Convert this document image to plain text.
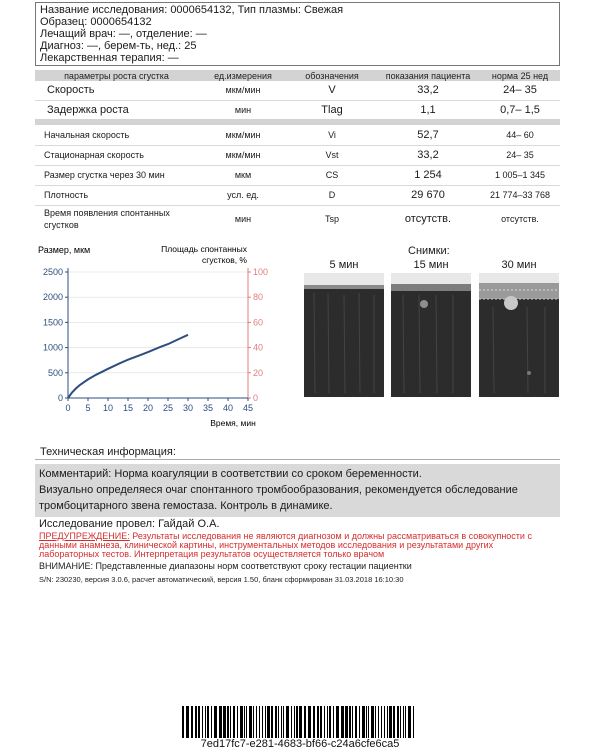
Название исследования: 0000654132, Тип плазмы: Свежая
Образец: 0000654132
Лечащий врач: —, отделение: —
Диагноз: —, берем-ть, нед.: 25
Лекарственная терапия: —
параметры роста сгустка	ед.измерения	обозначения	показания пациента	норма 25 нед
Скорость	мкм/мин	V	33,2	24– 35
Задержка роста	мин	Tlag	1,1	0,7– 1,5

Начальная скорость	мкм/мин	Vi	52,7	44– 60
Стационарная скорость	мкм/мин	Vst	33,2	24– 35
Размер сгустка через 30 мин	мкм	CS	1 254	1 005–1 345
Плотность	усл. ед.	D	29 670	21 774–33 768
Время появления спонтанных сгустков	мин	Tsp	отсутств.	отсутств.
Размер, мкм	Площадь спонтанных
сгустков, %
Время, мин
0
500
1000
1500
2000
2500
0
20
40
60
80
100
0 5 10 15 20 25 30 35 40 45
Снимки:
5 мин	15 мин	30 мин
Техническая информация:
Комментарий: Норма коагуляции в соответствии со сроком беременности.
Визуально определяеся очаг спонтанного тромбообразования, рекомендуется обследование
тромбоцитарного звена гемостаза. Контроль в динамике.
Исследование провел: Гайдай О.А.
ПРЕДУПРЕЖДЕНИЕ: Результаты исследования не являются диагнозом и должны рассматриваться в совокупности с
данными анамнеза, клинической картины, инструментальных методов исследования и результатами других
лабораторных тестов. Интерпретация результатов осуществляется только врачом
ВНИМАНИЕ: Представленные диапазоны норм соответствуют сроку гестации пациентки
S/N: 230230, версия 3.0.6, расчет автоматический, версия 1.50, бланк сформирован 31.03.2018 16:10:30
7ed17fc7-e281-4683-bf66-c24a6cfe6ca5
